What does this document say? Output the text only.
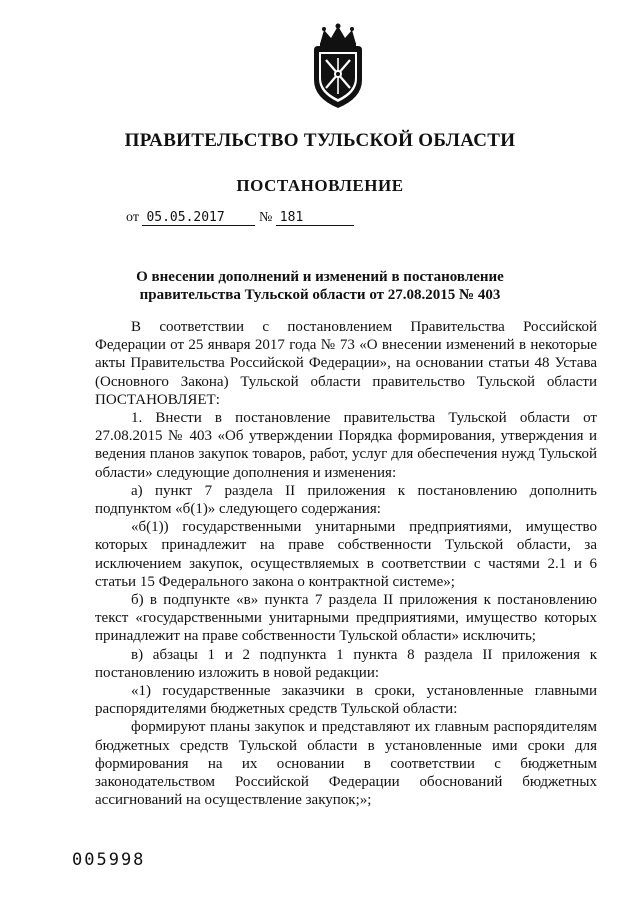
ПРАВИТЕЛЬСТВО ТУЛЬСКОЙ ОБЛАСТИ
ПОСТАНОВЛЕНИЕ
от 05.05.2017 № 181
О внесении дополнений и изменений в постановление
правительства Тульской области от 27.08.2015 № 403

В соответствии с постановлением Правительства Российской Федерации от 25 января 2017 года № 73 «О внесении изменений в некоторые акты Правительства Российской Федерации», на основании статьи 48 Устава (Основного Закона) Тульской области правительство Тульской области ПОСТАНОВЛЯЕТ:

1. Внести в постановление правительства Тульской области от 27.08.2015 № 403 «Об утверждении Порядка формирования, утверждения и ведения планов закупок товаров, работ, услуг для обеспечения нужд Тульской области» следующие дополнения и изменения:

а) пункт 7 раздела II приложения к постановлению дополнить подпунктом «б(1)» следующего содержания:

«б(1)) государственными унитарными предприятиями, имущество которых принадлежит на праве собственности Тульской области, за исключением закупок, осуществляемых в соответствии с частями 2.1 и 6 статьи 15 Федерального закона о контрактной системе»;

б) в подпункте «в» пункта 7 раздела II приложения к постановлению текст «государственными унитарными предприятиями, имущество которых принадлежит на праве собственности Тульской области» исключить;

в) абзацы 1 и 2 подпункта 1 пункта 8 раздела II приложения к постановлению изложить в новой редакции:

«1) государственные заказчики в сроки, установленные главными распорядителями бюджетных средств Тульской области:

формируют планы закупок и представляют их главным распорядителям бюджетных средств Тульской области в установленные ими сроки для формирования на их основании в соответствии с бюджетным законодательством Российской Федерации обоснований бюджетных ассигнований на осуществление закупок;»;

005998
